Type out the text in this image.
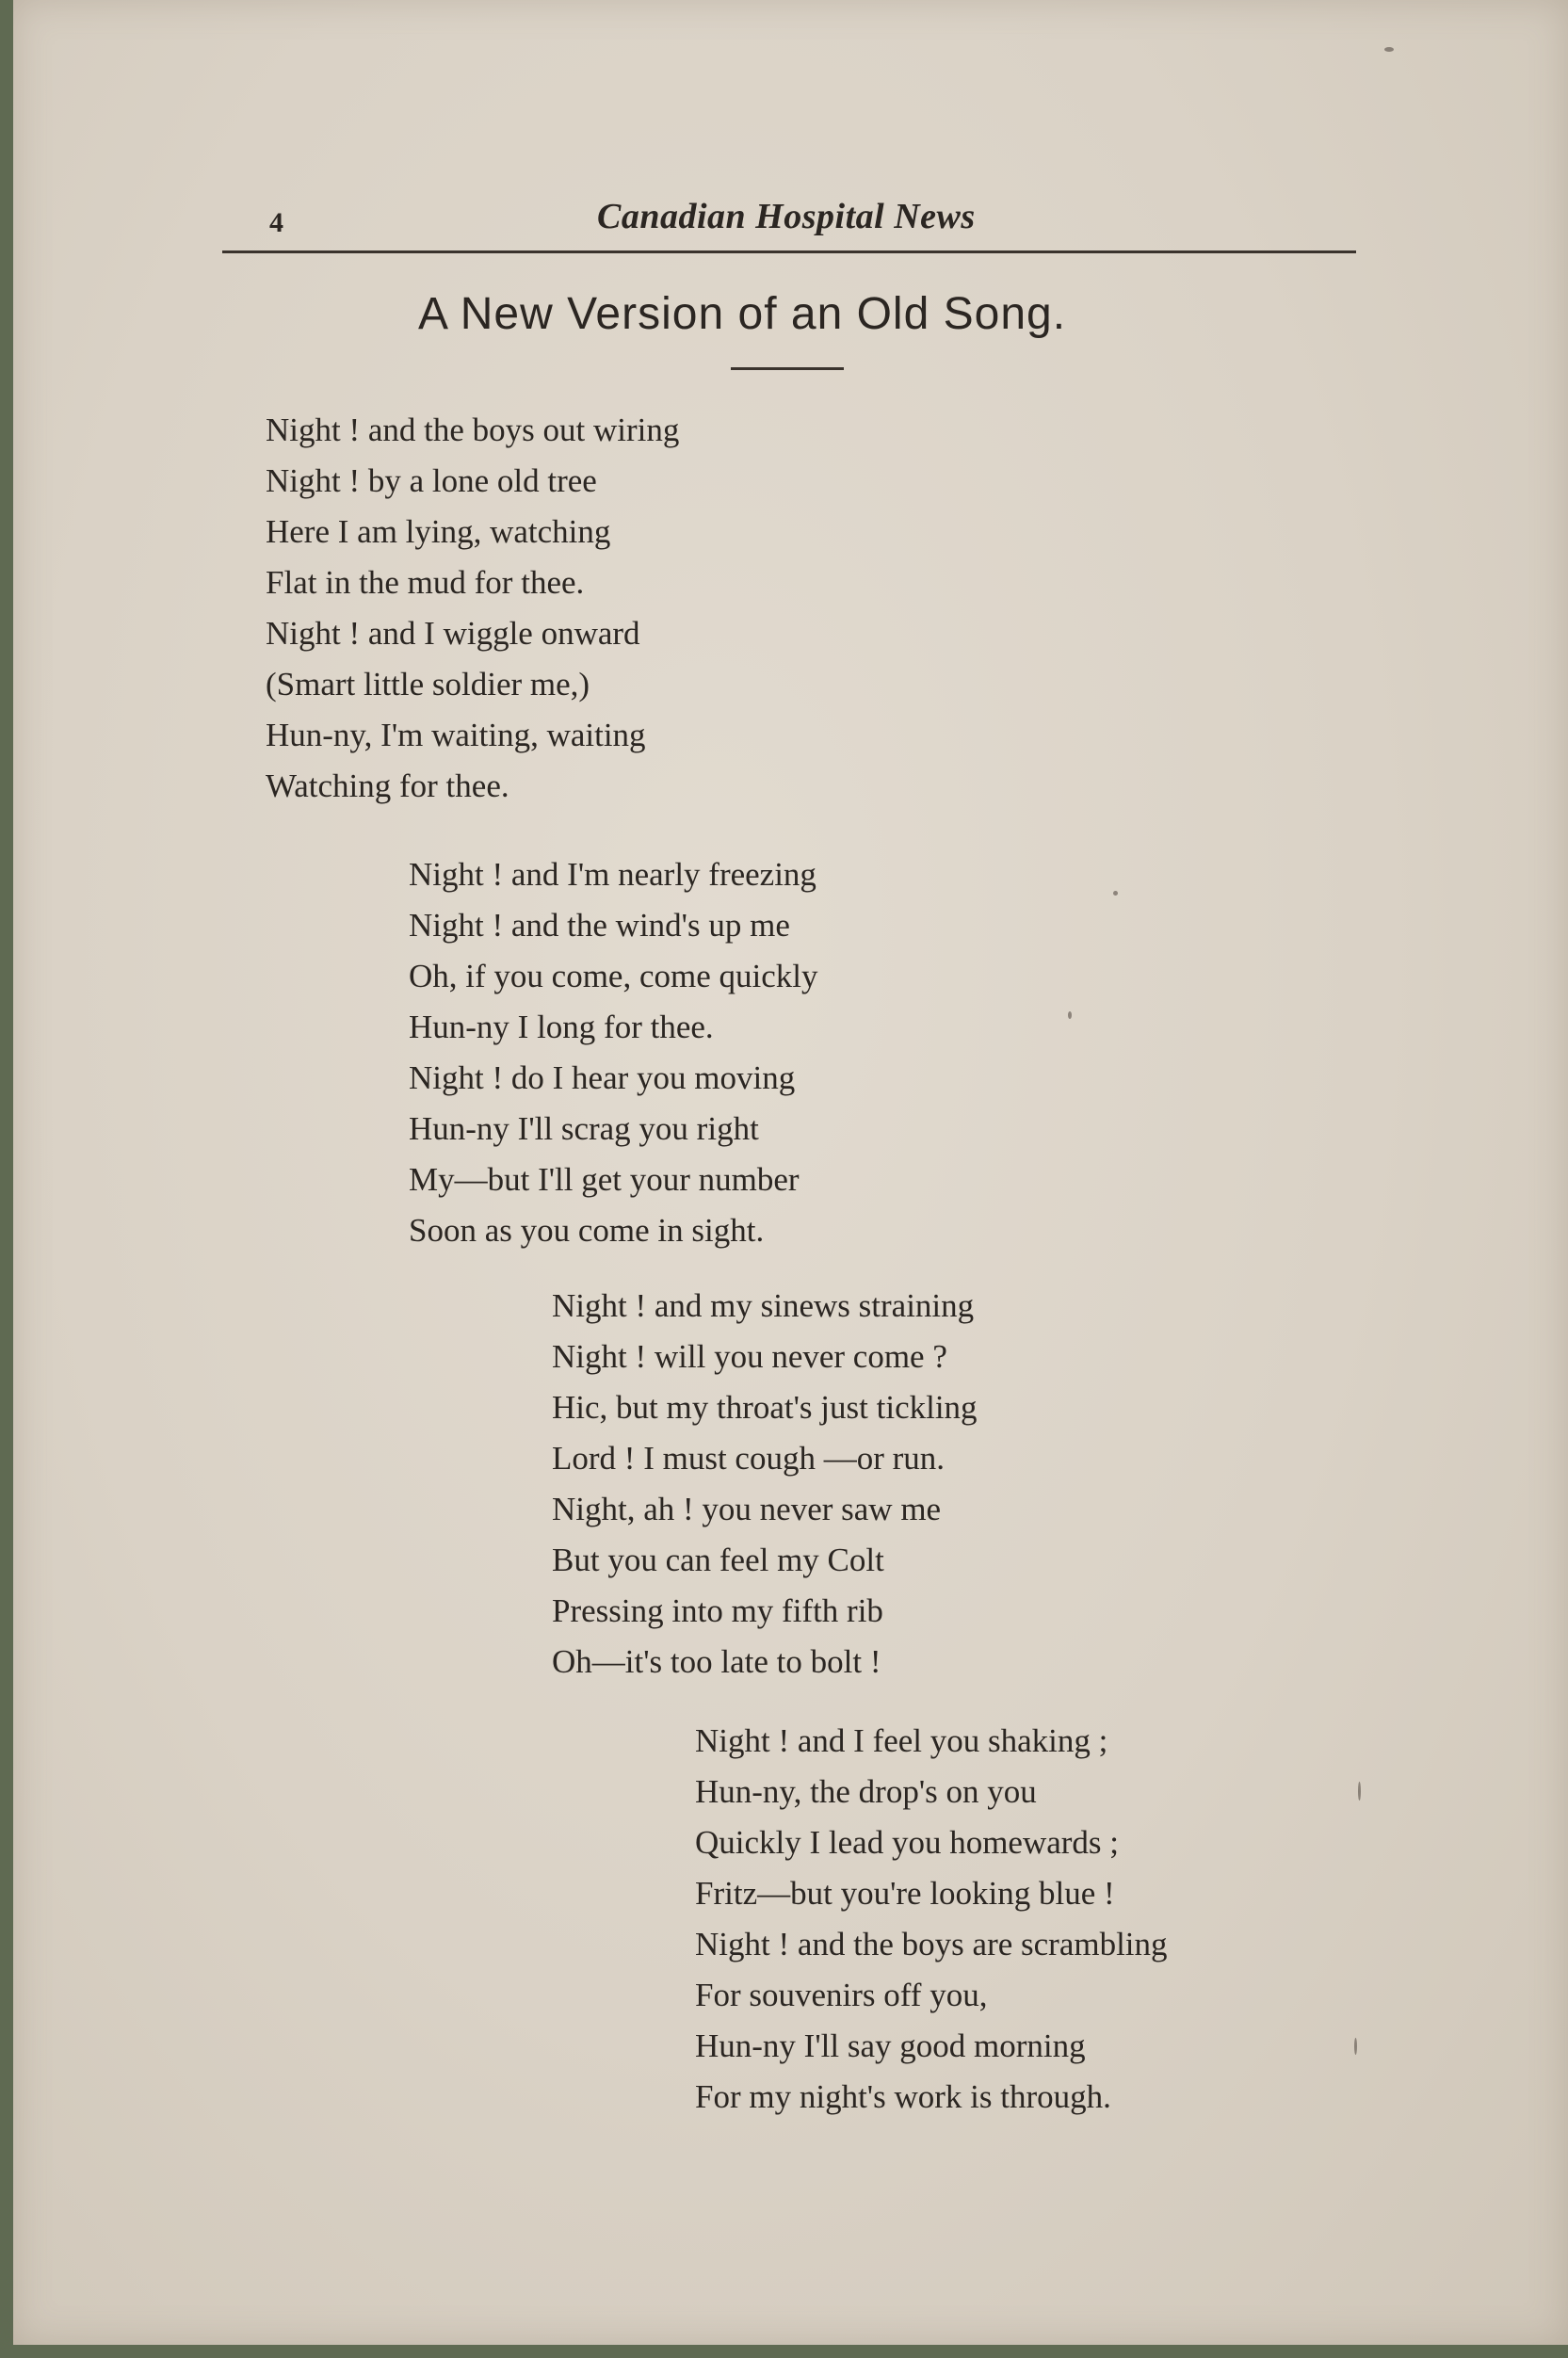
4	Canadian Hospital News
A New Version of an Old Song.
Night ! and the boys out wiring
Night ! by a lone old tree
Here I am lying, watching
Flat in the mud for thee.
Night ! and I wiggle onward
(Smart little soldier me,)
Hun-ny, I'm waiting, waiting
Watching for thee.
Night ! and I'm nearly freezing
Night ! and the wind's up me
Oh, if you come, come quickly
Hun-ny I long for thee.
Night ! do I hear you moving
Hun-ny I'll scrag you right
My—but I'll get your number
Soon as you come in sight.
Night ! and my sinews straining
Night ! will you never come ?
Hic, but my throat's just tickling
Lord ! I must cough —or run.
Night, ah ! you never saw me
But you can feel my Colt
Pressing into my fifth rib
Oh—it's too late to bolt !
Night ! and I feel you shaking ;
Hun-ny, the drop's on you
Quickly I lead you homewards ;
Fritz—but you're looking blue !
Night ! and the boys are scrambling
For souvenirs off you,
Hun-ny I'll say good morning
For my night's work is through.
